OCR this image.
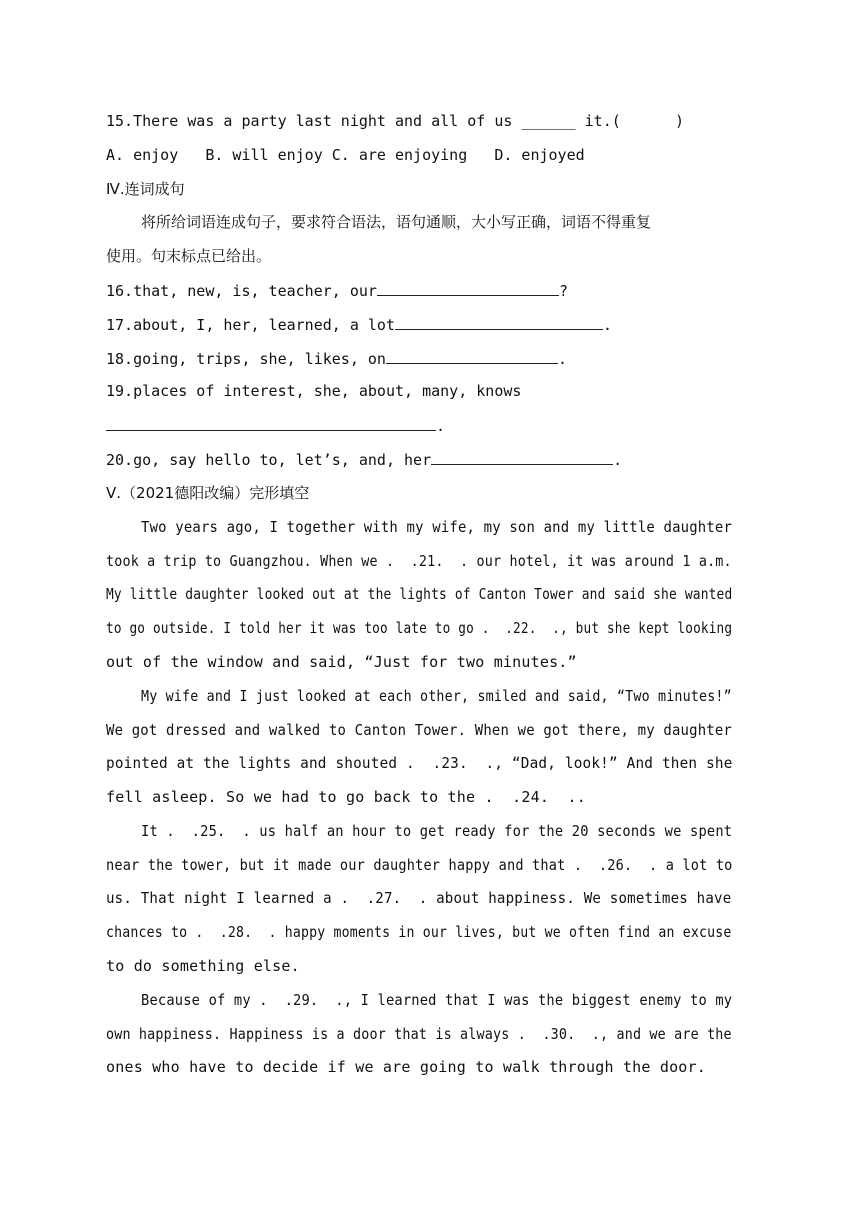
15.There was a party last night and all of us ______ it.(      )
A. enjoy   B. will enjoy C. are enjoying   D. enjoyed
Ⅳ.连词成句
将所给词语连成句子，要求符合语法，语句通顺，大小写正确，词语不得重复
使用。句末标点已给出。
16.that, new, is, teacher, our	?
17.about, I, her, learned, a lot	.
18.going, trips, she, likes, on	.
19.places of interest, she, about, many, knows
.
20.go, say hello to, let’s, and, her	.
Ⅴ.（2021德阳改编）完形填空
Two years ago, I together with my wife, my son and my little daughter
took a trip to Guangzhou. When we .  .21.  . our hotel, it was around 1 a.m.
My little daughter looked out at the lights of Canton Tower and said she wanted
to go outside. I told her it was too late to go .  .22.  ., but she kept looking
out of the window and said, “Just for two minutes.”
My wife and I just looked at each other, smiled and said, “Two minutes!”
We got dressed and walked to Canton Tower. When we got there, my daughter
pointed at the lights and shouted .  .23.  ., “Dad, look!” And then she
fell asleep. So we had to go back to the .  .24.  ..
It .  .25.  . us half an hour to get ready for the 20 seconds we spent
near the tower, but it made our daughter happy and that .  .26.  . a lot to
us. That night I learned a .  .27.  . about happiness. We sometimes have
chances to .  .28.  . happy moments in our lives, but we often find an excuse
to do something else.
Because of my .  .29.  ., I learned that I was the biggest enemy to my
own happiness. Happiness is a door that is always .  .30.  ., and we are the
ones who have to decide if we are going to walk through the door.
